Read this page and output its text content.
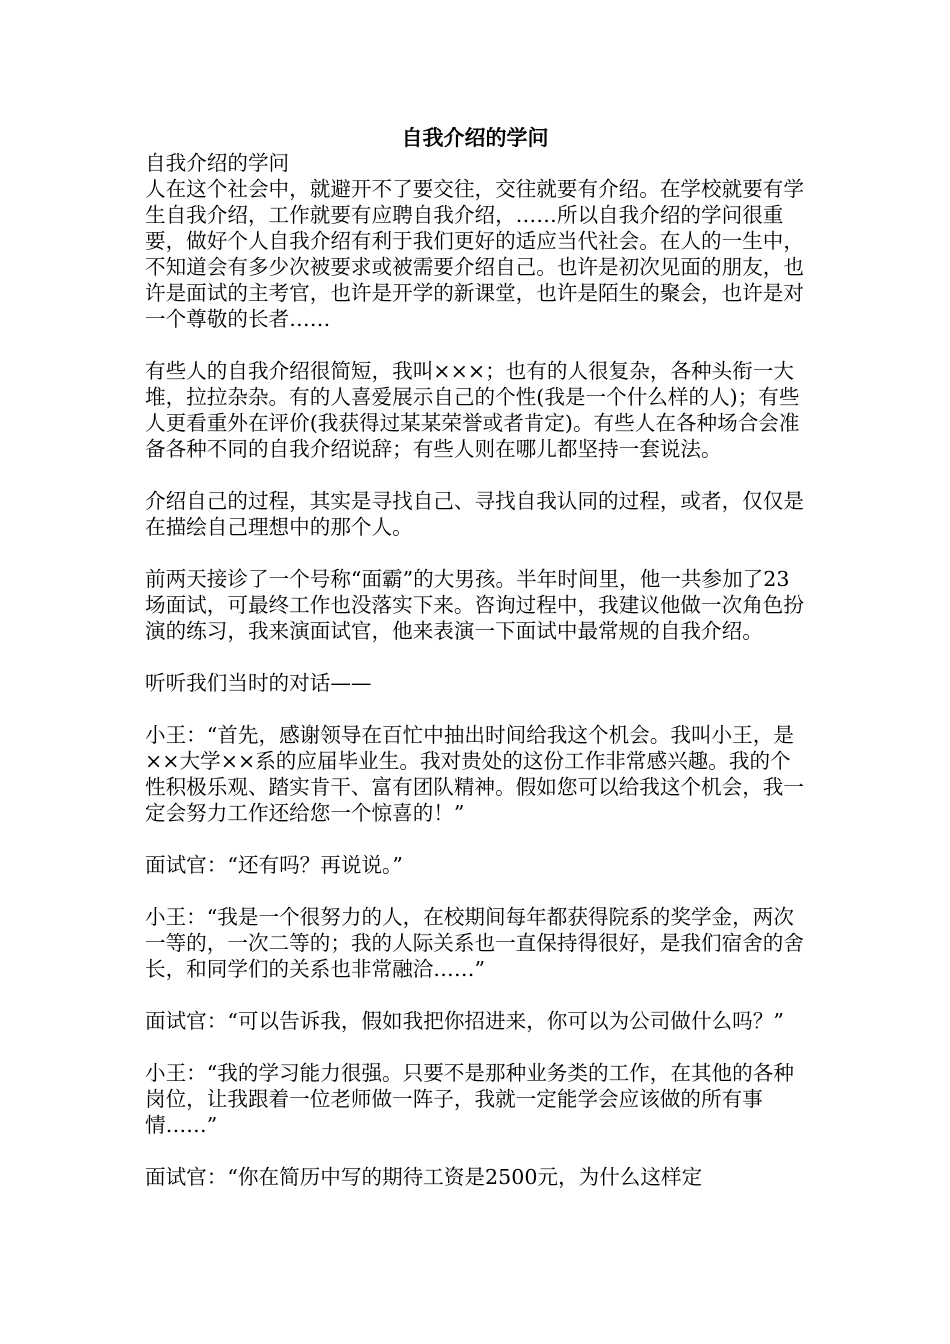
自我介绍的学问

自我介绍的学问

人在这个社会中，就避开不了要交往，交往就要有介绍。在学校就要有学生自我介绍，工作就要有应聘自我介绍，……所以自我介绍的学问很重要，做好个人自我介绍有利于我们更好的适应当代社会。在人的一生中，不知道会有多少次被要求或被需要介绍自己。也许是初次见面的朋友，也许是面试的主考官，也许是开学的新课堂，也许是陌生的聚会，也许是对一个尊敬的长者……

有些人的自我介绍很简短，我叫×××；也有的人很复杂，各种头衔一大堆，拉拉杂杂。有的人喜爱展示自己的个性(我是一个什么样的人)；有些人更看重外在评价(我获得过某某荣誉或者肯定)。有些人在各种场合会准备各种不同的自我介绍说辞；有些人则在哪儿都坚持一套说法。

介绍自己的过程，其实是寻找自己、寻找自我认同的过程，或者，仅仅是在描绘自己理想中的那个人。

前两天接诊了一个号称“面霸”的大男孩。半年时间里，他一共参加了23场面试，可最终工作也没落实下来。咨询过程中，我建议他做一次角色扮演的练习，我来演面试官，他来表演一下面试中最常规的自我介绍。

听听我们当时的对话——

小王：“首先，感谢领导在百忙中抽出时间给我这个机会。我叫小王，是××大学××系的应届毕业生。我对贵处的这份工作非常感兴趣。我的个性积极乐观、踏实肯干、富有团队精神。假如您可以给我这个机会，我一定会努力工作还给您一个惊喜的！”

面试官：“还有吗？再说说。”

小王：“我是一个很努力的人，在校期间每年都获得院系的奖学金，两次一等的，一次二等的；我的人际关系也一直保持得很好，是我们宿舍的舍长，和同学们的关系也非常融洽……”

面试官：“可以告诉我，假如我把你招进来，你可以为公司做什么吗？”

小王：“我的学习能力很强。只要不是那种业务类的工作，在其他的各种岗位，让我跟着一位老师做一阵子，我就一定能学会应该做的所有事情……”

面试官：“你在简历中写的期待工资是2500元，为什么这样定
